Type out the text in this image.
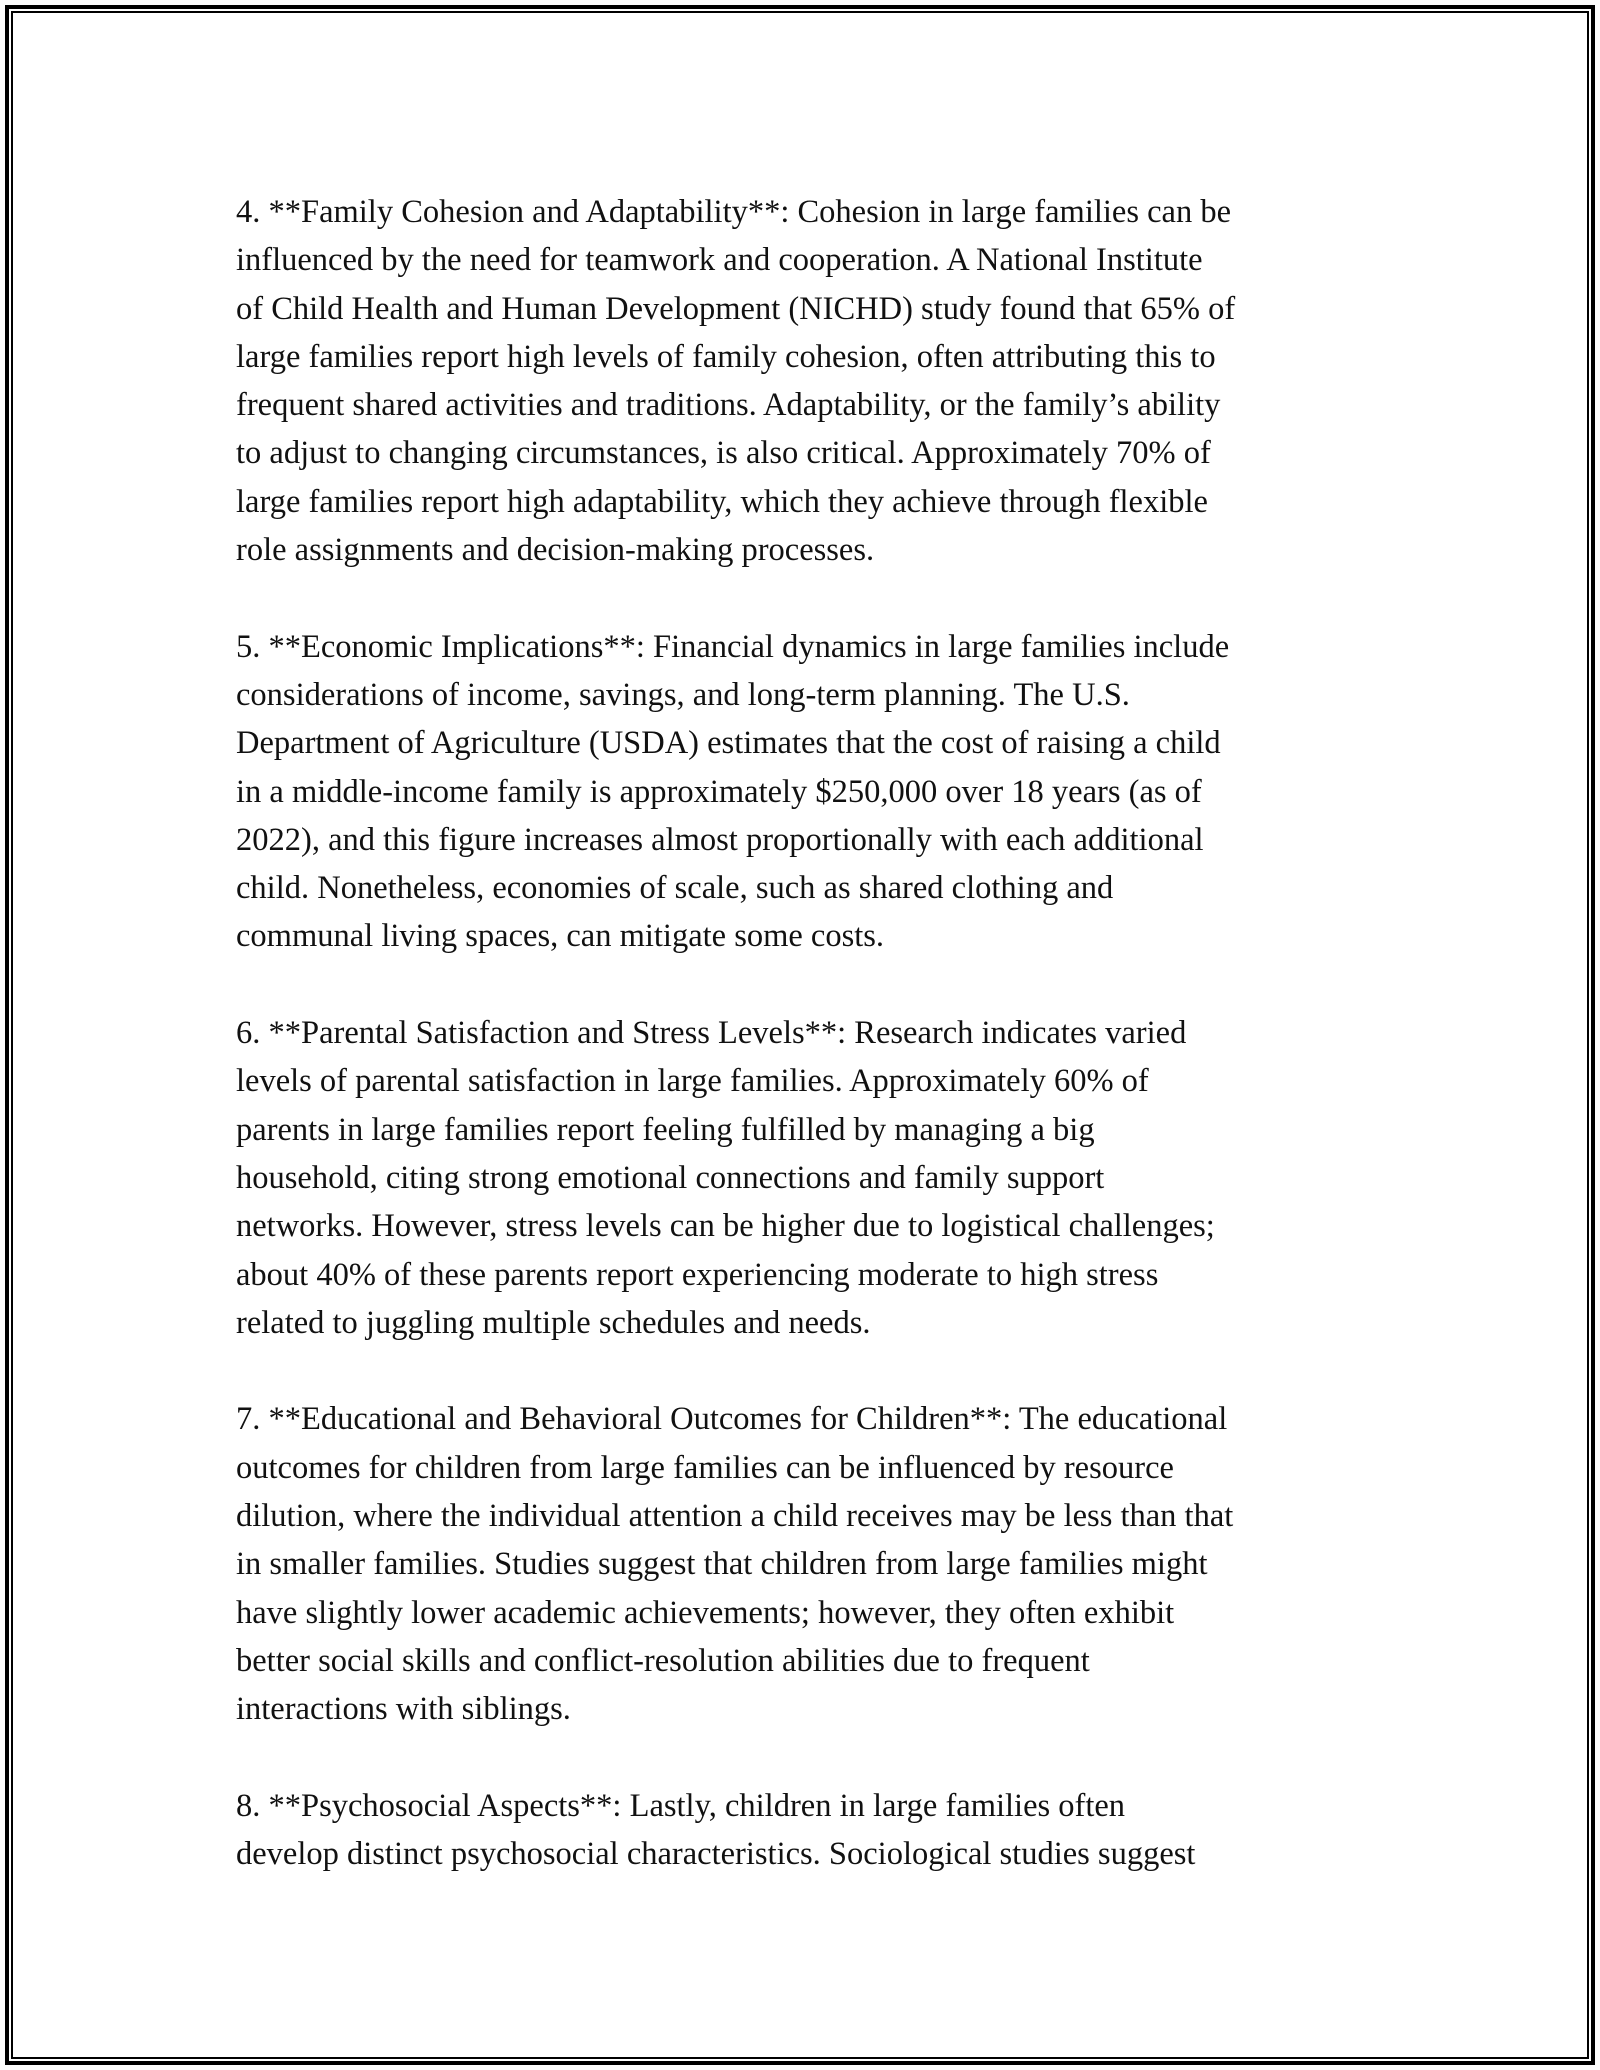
4. **Family Cohesion and Adaptability**: Cohesion in large families can be
influenced by the need for teamwork and cooperation. A National Institute
of Child Health and Human Development (NICHD) study found that 65% of
large families report high levels of family cohesion, often attributing this to
frequent shared activities and traditions. Adaptability, or the family’s ability
to adjust to changing circumstances, is also critical. Approximately 70% of
large families report high adaptability, which they achieve through flexible
role assignments and decision-making processes.

5. **Economic Implications**: Financial dynamics in large families include
considerations of income, savings, and long-term planning. The U.S.
Department of Agriculture (USDA) estimates that the cost of raising a child
in a middle-income family is approximately $250,000 over 18 years (as of
2022), and this figure increases almost proportionally with each additional
child. Nonetheless, economies of scale, such as shared clothing and
communal living spaces, can mitigate some costs.

6. **Parental Satisfaction and Stress Levels**: Research indicates varied
levels of parental satisfaction in large families. Approximately 60% of
parents in large families report feeling fulfilled by managing a big
household, citing strong emotional connections and family support
networks. However, stress levels can be higher due to logistical challenges;
about 40% of these parents report experiencing moderate to high stress
related to juggling multiple schedules and needs.

7. **Educational and Behavioral Outcomes for Children**: The educational
outcomes for children from large families can be influenced by resource
dilution, where the individual attention a child receives may be less than that
in smaller families. Studies suggest that children from large families might
have slightly lower academic achievements; however, they often exhibit
better social skills and conflict-resolution abilities due to frequent
interactions with siblings.

8. **Psychosocial Aspects**: Lastly, children in large families often
develop distinct psychosocial characteristics. Sociological studies suggest
